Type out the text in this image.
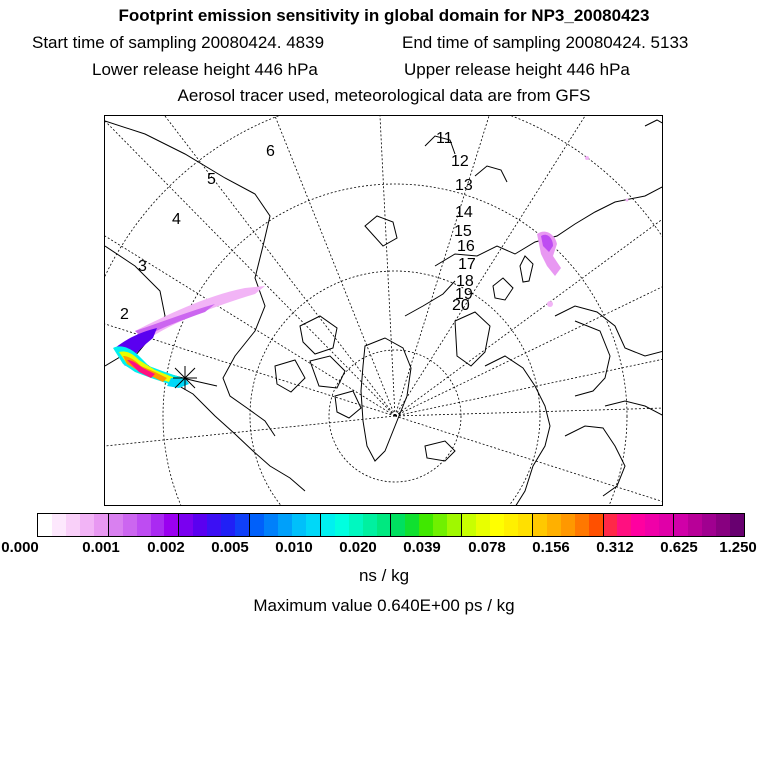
Footprint emission sensitivity in global domain for NP3_20080423
Start time of sampling 20080424. 4839	End time of sampling 20080424. 5133
Lower release height 446 hPa	Upper release height 446 hPa
Aerosol tracer used, meteorological data are from GFS
2
3
4
5
6
11
12
13
14
15
16
17
18
19
20
0.000	0.001 0.002 0.005 0.010 0.020 0.039 0.078 0.156 0.312 0.625 1.250
ns / kg
Maximum value 0.640E+00 ps / kg
